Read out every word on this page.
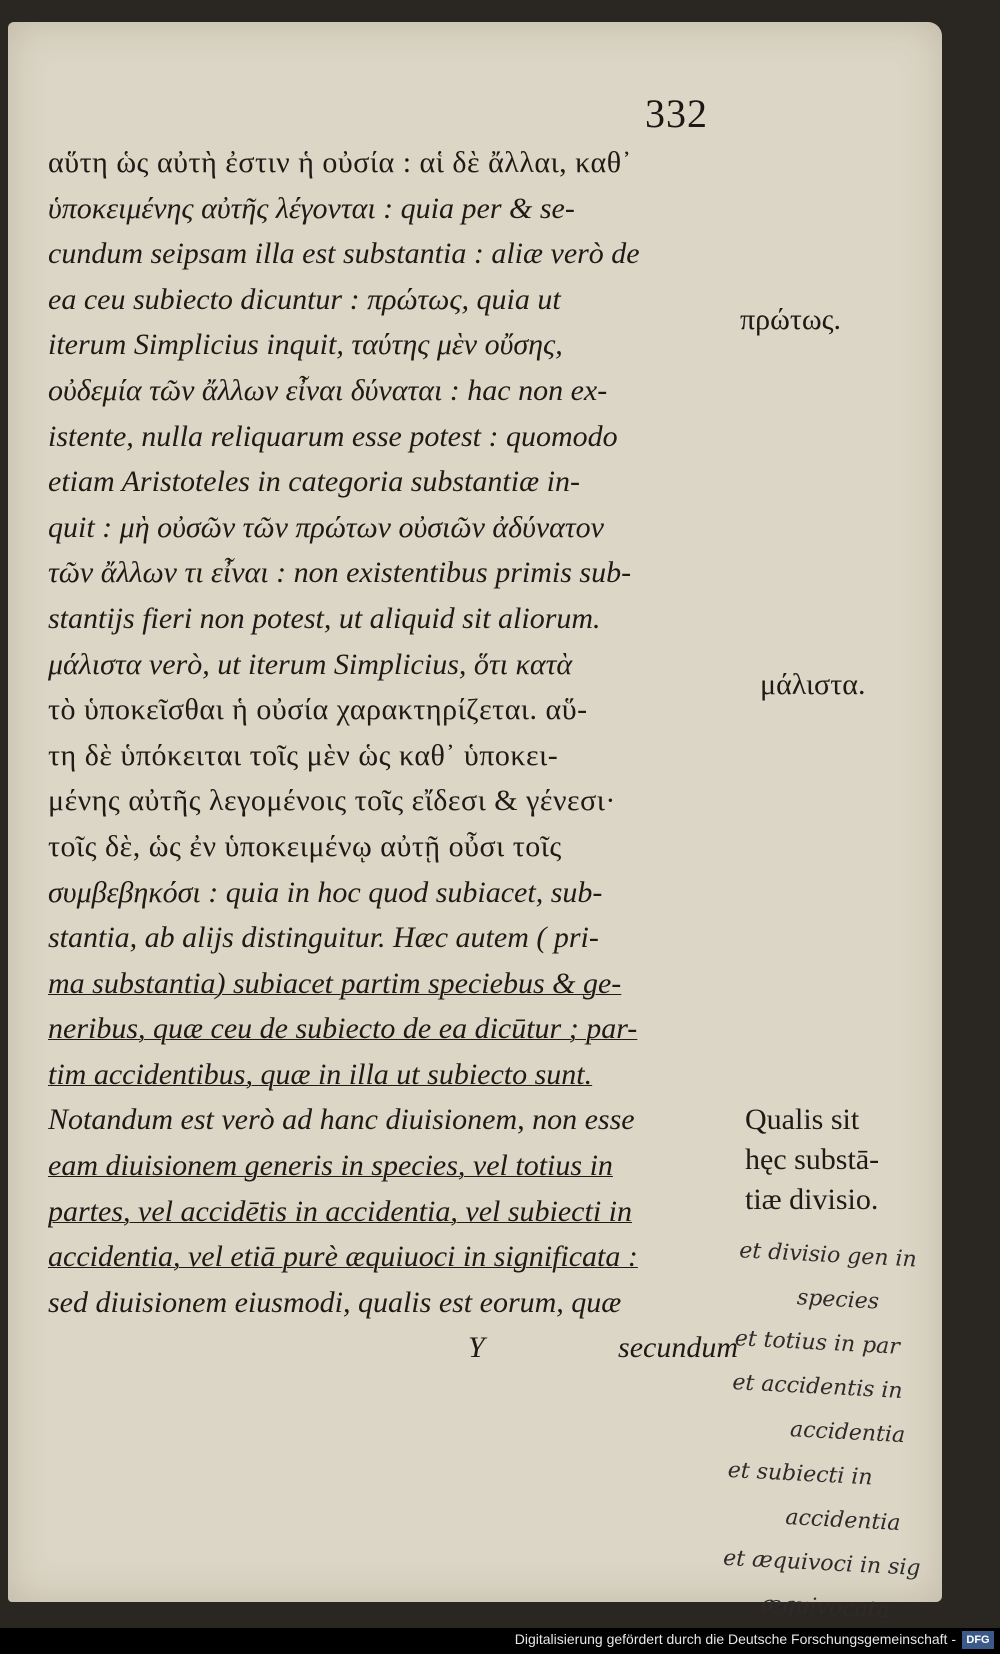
332
αὕτη ὡς αὐτὴ ἐστιν ἡ οὐσία : αἱ δὲ ἄλλαι, καθ᾽
ὑποκειμένης αὐτῆς λέγονται : quia per & se-
cundum seipsam illa est substantia : aliæ verò de
ea ceu subiecto dicuntur : πρώτως, quia ut
iterum Simplicius inquit, ταύτης μὲν οὔσης,
οὐδεμία τῶν ἄλλων εἶναι δύναται : hac non ex-
istente, nulla reliquarum esse potest : quomodo
etiam Aristoteles in categoria substantiæ in-
quit : μὴ οὐσῶν τῶν πρώτων οὐσιῶν ἀδύνατον
τῶν ἄλλων τι εἶναι : non existentibus primis sub-
stantijs fieri non potest, ut aliquid sit aliorum.
μάλιστα verò, ut iterum Simplicius, ὅτι κατὰ
τὸ ὑποκεῖσθαι ἡ οὐσία χαρακτηρίζεται. αὕ-
τη δὲ ὑπόκειται τοῖς μὲν ὡς καθ᾽ ὑποκει-
μένης αὐτῆς λεγομένοις τοῖς εἴδεσι & γένεσι·
τοῖς δὲ, ὡς ἐν ὑποκειμένῳ αὐτῇ οὖσι τοῖς
συμβεβηκόσι : quia in hoc quod subiacet, sub-
stantia, ab alijs distinguitur. Hæc autem ( pri-
ma substantia) subiacet partim speciebus & ge-
neribus, quæ ceu de subiecto de ea dicūtur ; par-
tim accidentibus, quæ in illa ut subiecto sunt.
Notandum est verò ad hanc diuisionem, non esse
eam diuisionem generis in species, vel totius in
partes, vel accidētis in accidentia, vel subiecti in
accidentia, vel etiā purè æquiuoci in significata :
sed diuisionem eiusmodi, qualis est eorum, quæ
Y	secundum
πρώτως.
μάλιστα.
Qualis sit
hęc substā-
tiæ divisio.
et divisio gen in
species
et totius in par
et accidentis in
accidentia
et subiecti in
accidentia
et æquivoci in sig
æquivocata
Digitalisierung gefördert durch die Deutsche Forschungsgemeinschaft - DFG
